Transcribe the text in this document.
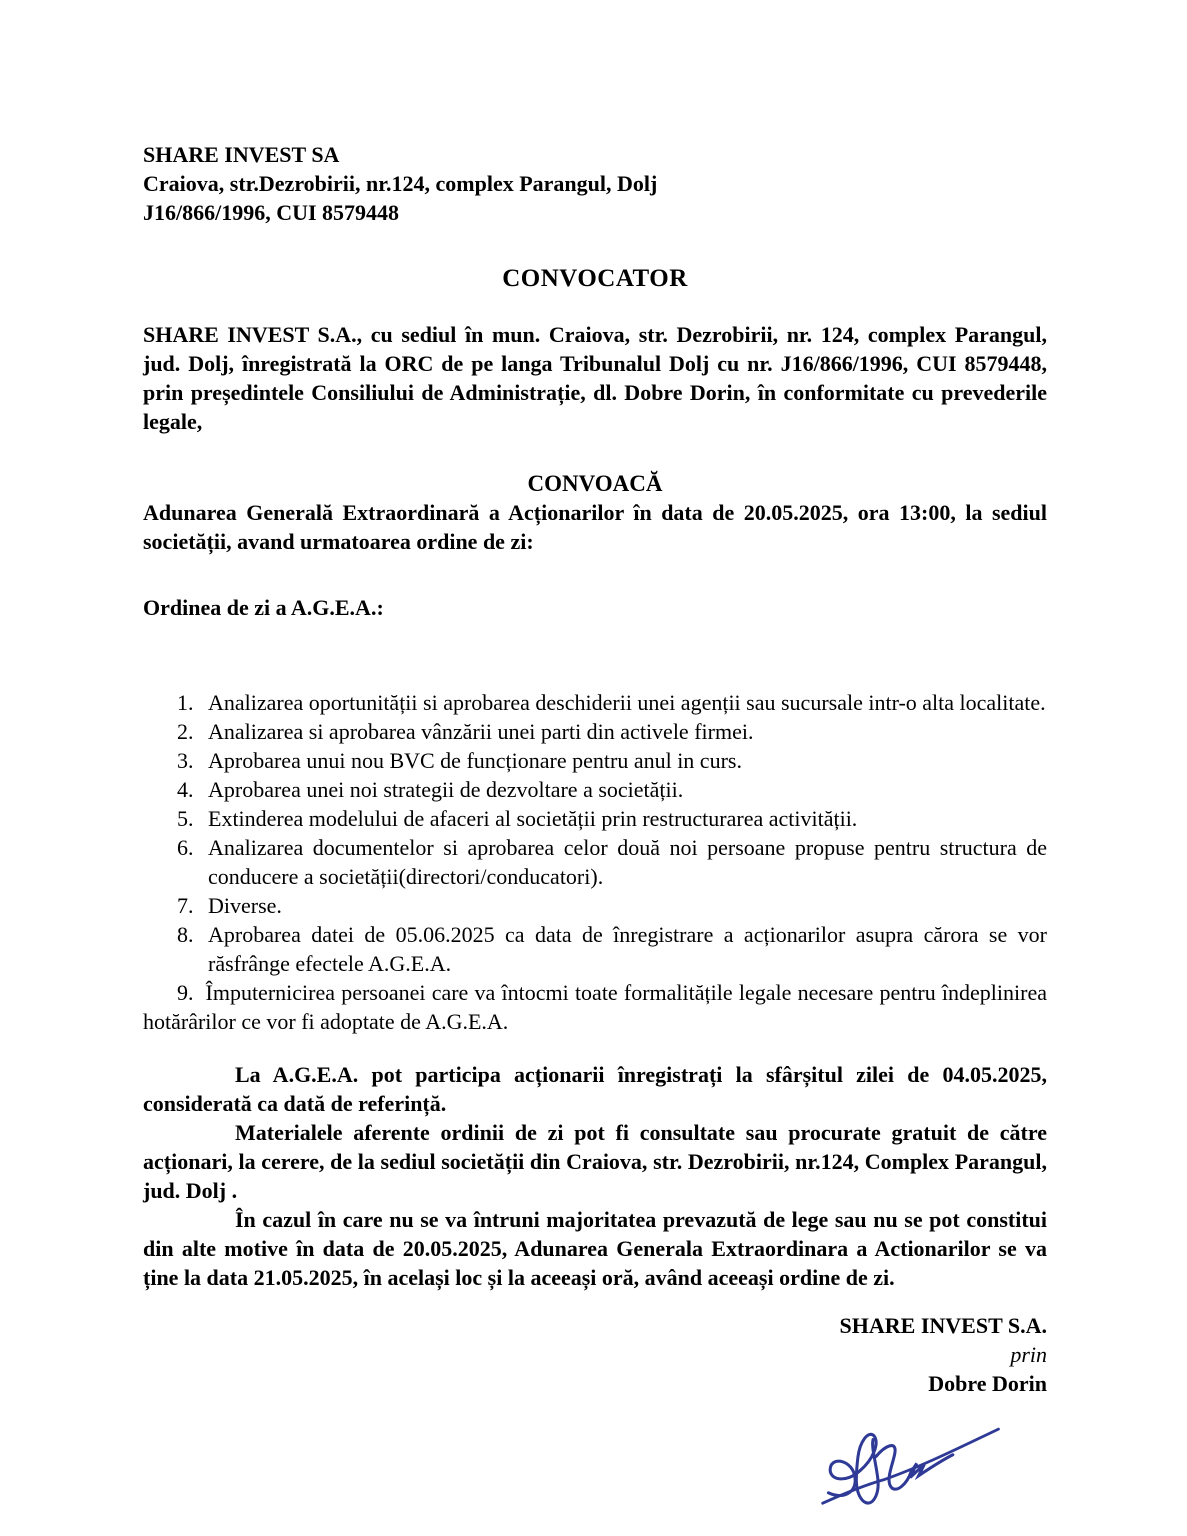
SHARE INVEST SA
Craiova, str.Dezrobirii, nr.124, complex Parangul, Dolj
J16/866/1996, CUI 8579448
CONVOCATOR

SHARE INVEST S.A., cu sediul în mun. Craiova, str. Dezrobirii, nr. 124, complex Parangul, jud. Dolj, înregistrată la ORC de pe langa Tribunalul Dolj cu nr. J16/866/1996, CUI 8579448, prin președintele Consiliului de Administrație, dl. Dobre Dorin, în conformitate cu prevederile legale,

CONVOACĂ
Adunarea Generală Extraordinară a Acționarilor în data de 20.05.2025, ora 13:00, la sediul societății, avand urmatoarea ordine de zi:
Ordinea de zi a A.G.E.A.:
1. Analizarea oportunității si aprobarea deschiderii unei agenții sau sucursale intr-o alta localitate.
2. Analizarea si aprobarea vânzării unei parti din activele firmei.
3. Aprobarea unui nou BVC de funcționare pentru anul in curs.
4. Aprobarea unei noi strategii de dezvoltare a societății.
5. Extinderea modelului de afaceri al societății prin restructurarea activității.
6. Analizarea documentelor si aprobarea celor două noi persoane propuse pentru structura de conducere a societății(directori/conducatori).
7. Diverse.
8. Aprobarea datei de 05.06.2025 ca data de înregistrare a acționarilor asupra cărora se vor răsfrânge efectele A.G.E.A.
9. Împuternicirea persoanei care va întocmi toate formalitățile legale necesare pentru îndeplinirea hotărârilor ce vor fi adoptate de A.G.E.A.

La A.G.E.A. pot participa acționarii înregistrați la sfârșitul zilei de 04.05.2025, considerată ca dată de referință.

Materialele aferente ordinii de zi pot fi consultate sau procurate gratuit de către acționari, la cerere, de la sediul societății din Craiova, str. Dezrobirii, nr.124, Complex Parangul, jud. Dolj .

În cazul în care nu se va întruni majoritatea prevazută de lege sau nu se pot constitui din alte motive în data de 20.05.2025, Adunarea Generala Extraordinara a Actionarilor se va ține la data 21.05.2025, în același loc și la aceeași oră, având aceeași ordine de zi.

SHARE INVEST S.A.
prin
Dobre Dorin
